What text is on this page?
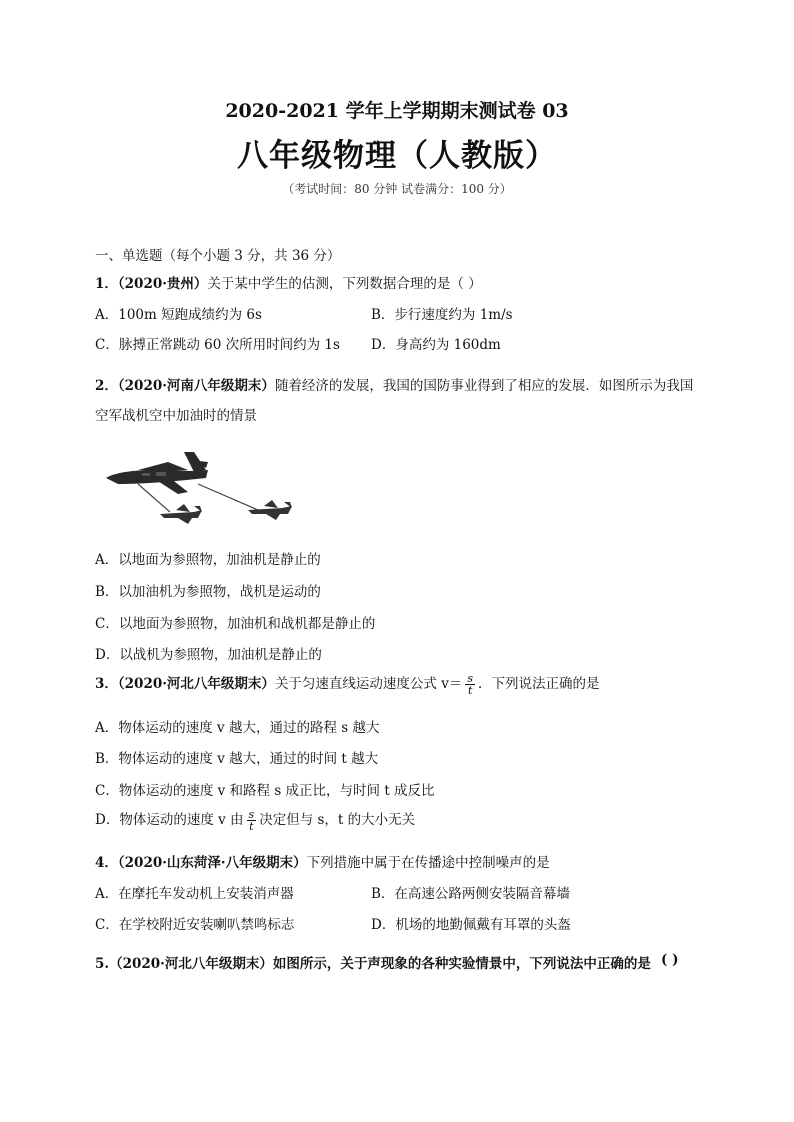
2020-2021 学年上学期期末测试卷 03
八年级物理（人教版）
（考试时间：80 分钟 试卷满分：100 分）
一、单选题（每个小题 3 分，共 36 分）
1．（2020·贵州）关于某中学生的估测，下列数据合理的是（ ）
A．100m 短跑成绩约为 6s	B．步行速度约为 1m/s
C．脉搏正常跳动 60 次所用时间约为 1s D．身高约为 160dm
2．（2020·河南八年级期末）随着经济的发展，我国的国防事业得到了相应的发展．如图所示为我国
空军战机空中加油时的情景
A．以地面为参照物，加油机是静止的
B．以加油机为参照物，战机是运动的
C．以地面为参照物，加油机和战机都是静止的
D．以战机为参照物，加油机是静止的
3．（2020·河北八年级期末）关于匀速直线运动速度公式 $v= \frac{s}{t}$ ．下列说法正确的是
A．物体运动的速度 v 越大，通过的路程 s 越大
B．物体运动的速度 v 越大，通过的时间 t 越大
C．物体运动的速度 v 和路程 s 成正比，与时间 t 成反比
D．物体运动的速度 v 由 $\frac{s}{t}$ 决定但与 s，t 的大小无关
4．（2020·山东菏泽·八年级期末）下列措施中属于在传播途中控制噪声的是
A．在摩托车发动机上安装消声器	B．在高速公路两侧安装隔音幕墙
C．在学校附近安装喇叭禁鸣标志	D．机场的地勤佩戴有耳罩的头盔
5.（2020·河北八年级期末）如图所示，关于声现象的各种实验情景中，下列说法中正确的是 ( )
